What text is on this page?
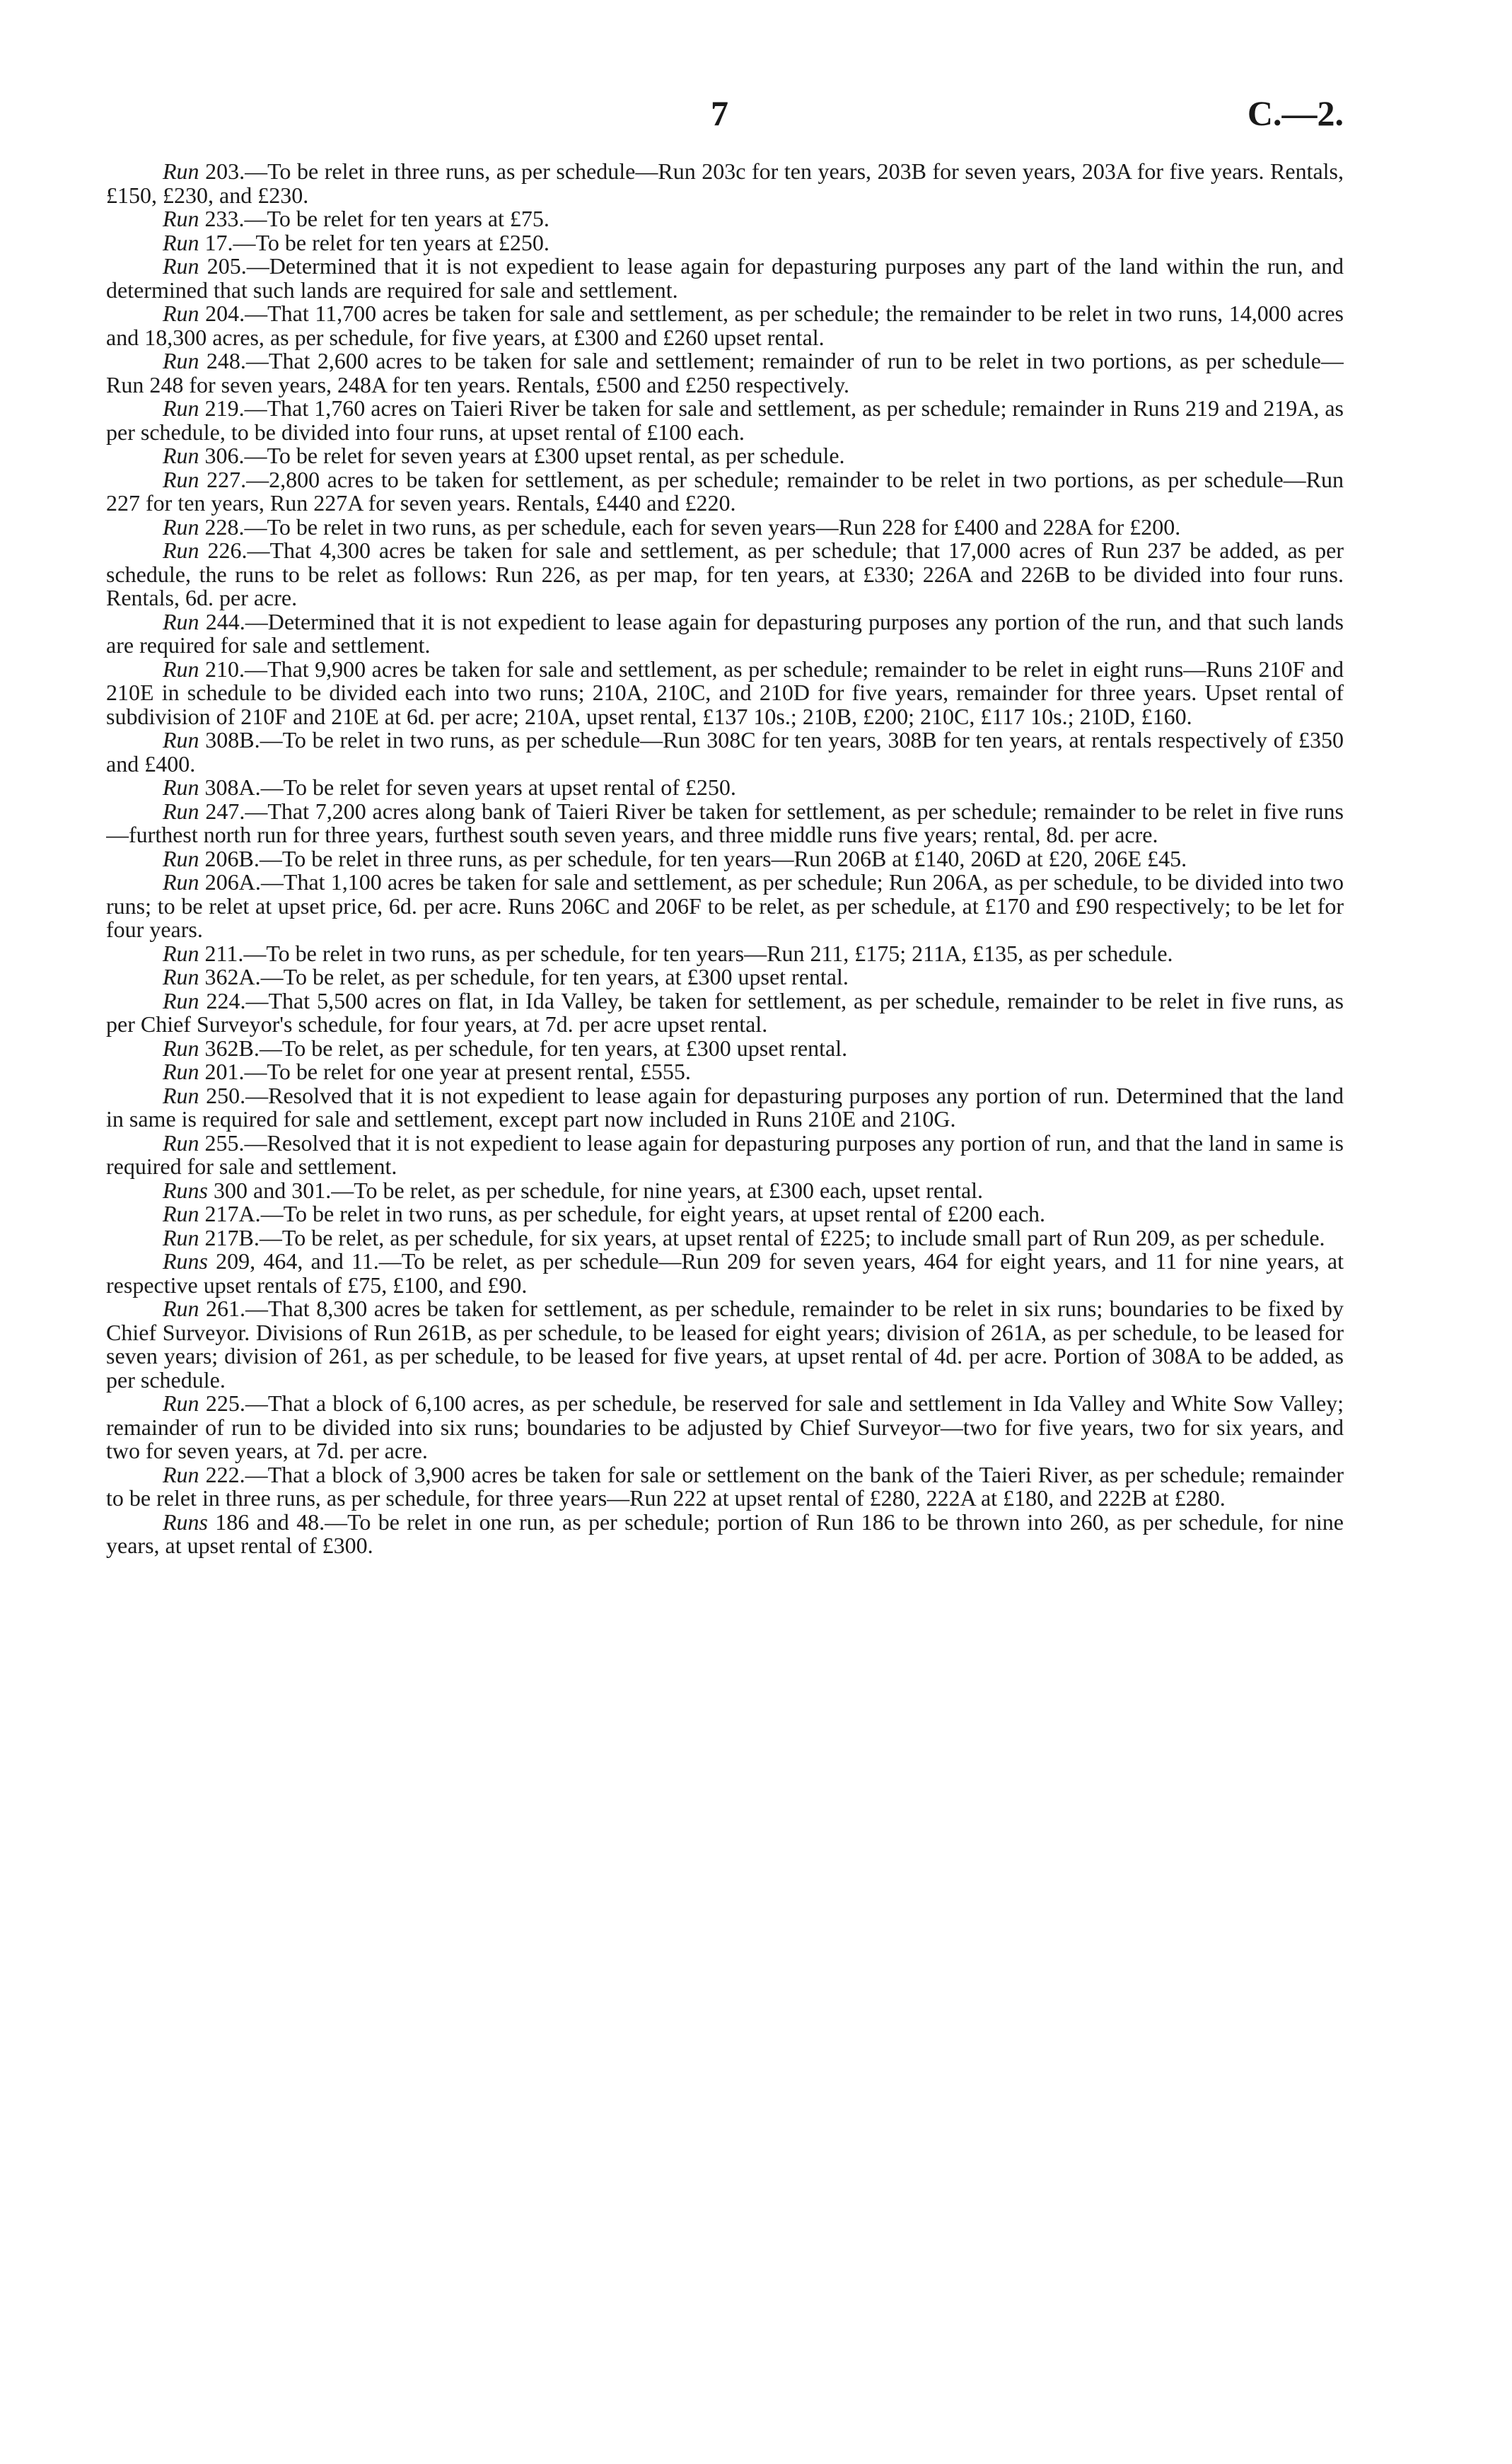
7	C.—2.

Run 203.—To be relet in three runs, as per schedule—Run 203c for ten years, 203B for seven years, 203A for five years. Rentals, £150, £230, and £230.

Run 233.—To be relet for ten years at £75.

Run 17.—To be relet for ten years at £250.

Run 205.—Determined that it is not expedient to lease again for depasturing purposes any part of the land within the run, and determined that such lands are required for sale and settlement.

Run 204.—That 11,700 acres be taken for sale and settlement, as per schedule; the remainder to be relet in two runs, 14,000 acres and 18,300 acres, as per schedule, for five years, at £300 and £260 upset rental.

Run 248.—That 2,600 acres to be taken for sale and settlement; remainder of run to be relet in two portions, as per schedule—Run 248 for seven years, 248A for ten years. Rentals, £500 and £250 respectively.

Run 219.—That 1,760 acres on Taieri River be taken for sale and settlement, as per schedule; remainder in Runs 219 and 219A, as per schedule, to be divided into four runs, at upset rental of £100 each.

Run 306.—To be relet for seven years at £300 upset rental, as per schedule.

Run 227.—2,800 acres to be taken for settlement, as per schedule; remainder to be relet in two portions, as per schedule—Run 227 for ten years, Run 227A for seven years. Rentals, £440 and £220.

Run 228.—To be relet in two runs, as per schedule, each for seven years—Run 228 for £400 and 228A for £200.

Run 226.—That 4,300 acres be taken for sale and settlement, as per schedule; that 17,000 acres of Run 237 be added, as per schedule, the runs to be relet as follows: Run 226, as per map, for ten years, at £330; 226A and 226B to be divided into four runs. Rentals, 6d. per acre.

Run 244.—Determined that it is not expedient to lease again for depasturing purposes any portion of the run, and that such lands are required for sale and settlement.

Run 210.—That 9,900 acres be taken for sale and settlement, as per schedule; remainder to be relet in eight runs—Runs 210F and 210E in schedule to be divided each into two runs; 210A, 210C, and 210D for five years, remainder for three years. Upset rental of subdivision of 210F and 210E at 6d. per acre; 210A, upset rental, £137 10s.; 210B, £200; 210C, £117 10s.; 210D, £160.

Run 308B.—To be relet in two runs, as per schedule—Run 308C for ten years, 308B for ten years, at rentals respectively of £350 and £400.

Run 308A.—To be relet for seven years at upset rental of £250.

Run 247.—That 7,200 acres along bank of Taieri River be taken for settlement, as per schedule; remainder to be relet in five runs—furthest north run for three years, furthest south seven years, and three middle runs five years; rental, 8d. per acre.

Run 206B.—To be relet in three runs, as per schedule, for ten years—Run 206B at £140, 206D at £20, 206E £45.

Run 206A.—That 1,100 acres be taken for sale and settlement, as per schedule; Run 206A, as per schedule, to be divided into two runs; to be relet at upset price, 6d. per acre. Runs 206C and 206F to be relet, as per schedule, at £170 and £90 respectively; to be let for four years.

Run 211.—To be relet in two runs, as per schedule, for ten years—Run 211, £175; 211A, £135, as per schedule.

Run 362A.—To be relet, as per schedule, for ten years, at £300 upset rental.

Run 224.—That 5,500 acres on flat, in Ida Valley, be taken for settlement, as per schedule, remainder to be relet in five runs, as per Chief Surveyor's schedule, for four years, at 7d. per acre upset rental.

Run 362B.—To be relet, as per schedule, for ten years, at £300 upset rental.

Run 201.—To be relet for one year at present rental, £555.

Run 250.—Resolved that it is not expedient to lease again for depasturing purposes any portion of run. Determined that the land in same is required for sale and settlement, except part now included in Runs 210E and 210G.

Run 255.—Resolved that it is not expedient to lease again for depasturing purposes any portion of run, and that the land in same is required for sale and settlement.

Runs 300 and 301.—To be relet, as per schedule, for nine years, at £300 each, upset rental.

Run 217A.—To be relet in two runs, as per schedule, for eight years, at upset rental of £200 each.

Run 217B.—To be relet, as per schedule, for six years, at upset rental of £225; to include small part of Run 209, as per schedule.

Runs 209, 464, and 11.—To be relet, as per schedule—Run 209 for seven years, 464 for eight years, and 11 for nine years, at respective upset rentals of £75, £100, and £90.

Run 261.—That 8,300 acres be taken for settlement, as per schedule, remainder to be relet in six runs; boundaries to be fixed by Chief Surveyor. Divisions of Run 261B, as per schedule, to be leased for eight years; division of 261A, as per schedule, to be leased for seven years; division of 261, as per schedule, to be leased for five years, at upset rental of 4d. per acre. Portion of 308A to be added, as per schedule.

Run 225.—That a block of 6,100 acres, as per schedule, be reserved for sale and settlement in Ida Valley and White Sow Valley; remainder of run to be divided into six runs; boundaries to be adjusted by Chief Surveyor—two for five years, two for six years, and two for seven years, at 7d. per acre.

Run 222.—That a block of 3,900 acres be taken for sale or settlement on the bank of the Taieri River, as per schedule; remainder to be relet in three runs, as per schedule, for three years—Run 222 at upset rental of £280, 222A at £180, and 222B at £280.

Runs 186 and 48.—To be relet in one run, as per schedule; portion of Run 186 to be thrown into 260, as per schedule, for nine years, at upset rental of £300.
